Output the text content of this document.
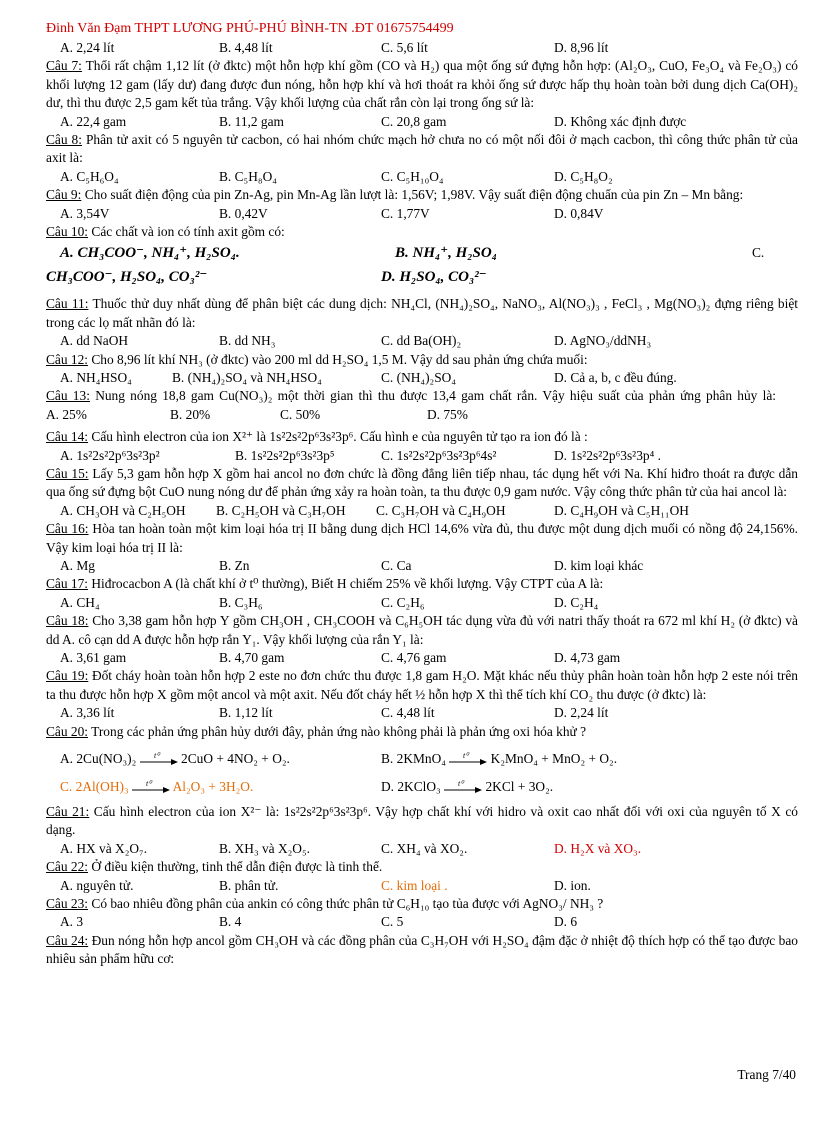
Đinh Văn Đạm THPT LƯƠNG PHÚ-PHÚ BÌNH-TN .ĐT 01675754499
A. 2,24 lít	B. 4,48 lít	C. 5,6 lít	D. 8,96 lít
Câu 7: Thổi rất chậm 1,12 lít (ở đktc) một hỗn hợp khí gồm (CO và H₂) qua một ống sứ đựng hỗn hợp: (Al₂O₃, CuO, Fe₃O₄ và Fe₂O₃) có khối lượng 12 gam (lấy dư) đang được đun nóng, hỗn hợp khí và hơi thoát ra khỏi ống sứ được hấp thụ hoàn toàn bởi dung dịch Ca(OH)₂ dư, thì thu được 2,5 gam kết tủa trắng. Vậy khối lượng của chất rắn còn lại trong ống sứ là:
A. 22,4 gam	B. 11,2 gam	C. 20,8 gam	D. Không xác định được
Câu 8: Phân tử axit có 5 nguyên tử cacbon, có hai nhóm chức mạch hở chưa no có một nối đôi ở mạch cacbon, thì công thức phân tử của axit là:
A. C₅H₆O₄	B. C₅H₈O₄	C. C₅H₁₀O₄	D. C₅H₈O₂
Câu 9: Cho suất điện động của pin Zn-Ag, pin Mn-Ag lần lượt là: 1,56V; 1,98V. Vậy suất điện động chuẩn của pin Zn – Mn bằng:
A. 3,54V	B. 0,42V	C. 1,77V	D. 0,84V
Câu 10: Các chất và ion có tính axit gồm có:
A. CH₃COO⁻, NH₄⁺, H₂SO₄.	B. NH₄⁺, H₂SO₄	C.
CH₃COO⁻, H₂SO₄, CO₃²⁻	D. H₂SO₄, CO₃²⁻
Câu 11: Thuốc thử duy nhất dùng để phân biệt các dung dịch: NH₄Cl, (NH₄)₂SO₄, NaNO₃, Al(NO₃)₃ , FeCl₃ , Mg(NO₃)₂ đựng riêng biệt trong các lọ mất nhãn đó là:
A. dd NaOH	B. dd NH₃	C. dd Ba(OH)₂	D. AgNO₃/ddNH₃
Câu 12: Cho 8,96 lít khí NH₃ (ở đktc) vào 200 ml dd H₂SO₄ 1,5 M. Vậy dd sau phản ứng chứa muối:
A. NH₄HSO₄	B. (NH₄)₂SO₄ và NH₄HSO₄	C. (NH₄)₂SO₄	D. Cả a, b, c đều đúng.
Câu 13: Nung nóng 18,8 gam Cu(NO₃)₂ một thời gian thì thu được 13,4 gam chất rắn. Vậy hiệu suất của phản ứng phân hủy là:A. 25%	B. 20%	C. 50%	D. 75%
Câu 14: Cấu hình electron của ion X²⁺ là 1s²2s²2p⁶3s²3p⁶. Cấu hình e của nguyên tử tạo ra ion đó là :
A. 1s²2s²2p⁶3s²3p²	B. 1s²2s²2p⁶3s²3p⁵	C. 1s²2s²2p⁶3s²3p⁶4s²	D. 1s²2s²2p⁶3s²3p⁴ .
Câu 15: Lấy 5,3 gam hỗn hợp X gồm hai ancol no đơn chức là đồng đẳng liên tiếp nhau, tác dụng hết với Na. Khí hiđro thoát ra được dẫn qua ống sứ đựng bột CuO nung nóng dư để phản ứng xảy ra hoàn toàn, ta thu được 0,9 gam nước. Vậy công thức phân tử của hai ancol là:
A. CH₃OH và C₂H₅OH	B. C₂H₅OH và C₃H₇OH	C. C₃H₇OH và C₄H₉OH	D. C₄H₉OH và C₅H₁₁OH
Câu 16: Hòa tan hoàn toàn một kim loại hóa trị II bằng dung dịch HCl 14,6% vừa đủ, thu được một dung dịch muối có nồng độ 24,156%. Vậy kim loại hóa trị II là:
A. Mg	B. Zn	C. Ca	D. kim loại khác
Câu 17: Hiđrocacbon A (là chất khí ở t⁰ thường), Biết H chiếm 25% về khối lượng. Vậy CTPT của A là:
A. CH₄	B. C₃H₆	C. C₂H₆	D. C₂H₄
Câu 18: Cho 3,38 gam hỗn hợp Y gồm CH₃OH , CH₃COOH và C₆H₅OH tác dụng vừa đủ với natri thấy thoát ra 672 ml khí H₂ (ở đktc) và dd A. cô cạn dd A được hỗn hợp rắn Y₁. Vậy khối lượng của rắn Y₁ là:
A. 3,61 gam	B. 4,70 gam	C. 4,76 gam	D. 4,73 gam
Câu 19: Đốt cháy hoàn toàn hỗn hợp 2 este no đơn chức thu được 1,8 gam H₂O. Mặt khác nếu thủy phân hoàn toàn hỗn hợp 2 este nói trên ta thu được hỗn hợp X gồm một ancol và một axit. Nếu đốt cháy hết ½ hỗn hợp X thì thể tích khí CO₂ thu được (ở đktc) là:
A. 3,36 lít	B. 1,12 lít	C. 4,48 lít	D. 2,24 lít
Câu 20: Trong các phản ứng phân hủy dưới đây, phản ứng nào không phải là phản ứng oxi hóa khử ?
A. 2Cu(NO₃)₂ t⁰ 2CuO + 4NO₂ + O₂.	B. 2KMnO₄ t⁰ K₂MnO₄ + MnO₂ + O₂.
C. 2Al(OH)₃ t⁰ Al₂O₃ + 3H₂O.	D. 2KClO₃ t⁰ 2KCl + 3O₂.
Câu 21: Cấu hình electron của ion X²⁻ là: 1s²2s²2p⁶3s²3p⁶. Vậy hợp chất khí với hidro và oxit cao nhất đối với oxi của nguyên tố X có dạng.
A. HX và X₂O₇.	B. XH₃ và X₂O₅.	C. XH₄ và XO₂.	D. H₂X và XO₃.
Câu 22: Ở điều kiện thường, tinh thể dẫn điện được là tinh thể.
A. nguyên tử.	B. phân tử.	C. kim loại .	D. ion.
Câu 23: Có bao nhiêu đồng phân của ankin có công thức phân tử C₆H₁₀ tạo tủa được với AgNO₃/ NH₃ ?
A. 3	B. 4	C. 5	D. 6
Câu 24: Đun nóng hỗn hợp ancol gồm CH₃OH và các đồng phân của C₃H₇OH với H₂SO₄ đậm đặc ở nhiệt độ thích hợp có thể tạo được bao nhiêu sản phẩm hữu cơ:
Trang 7/40
